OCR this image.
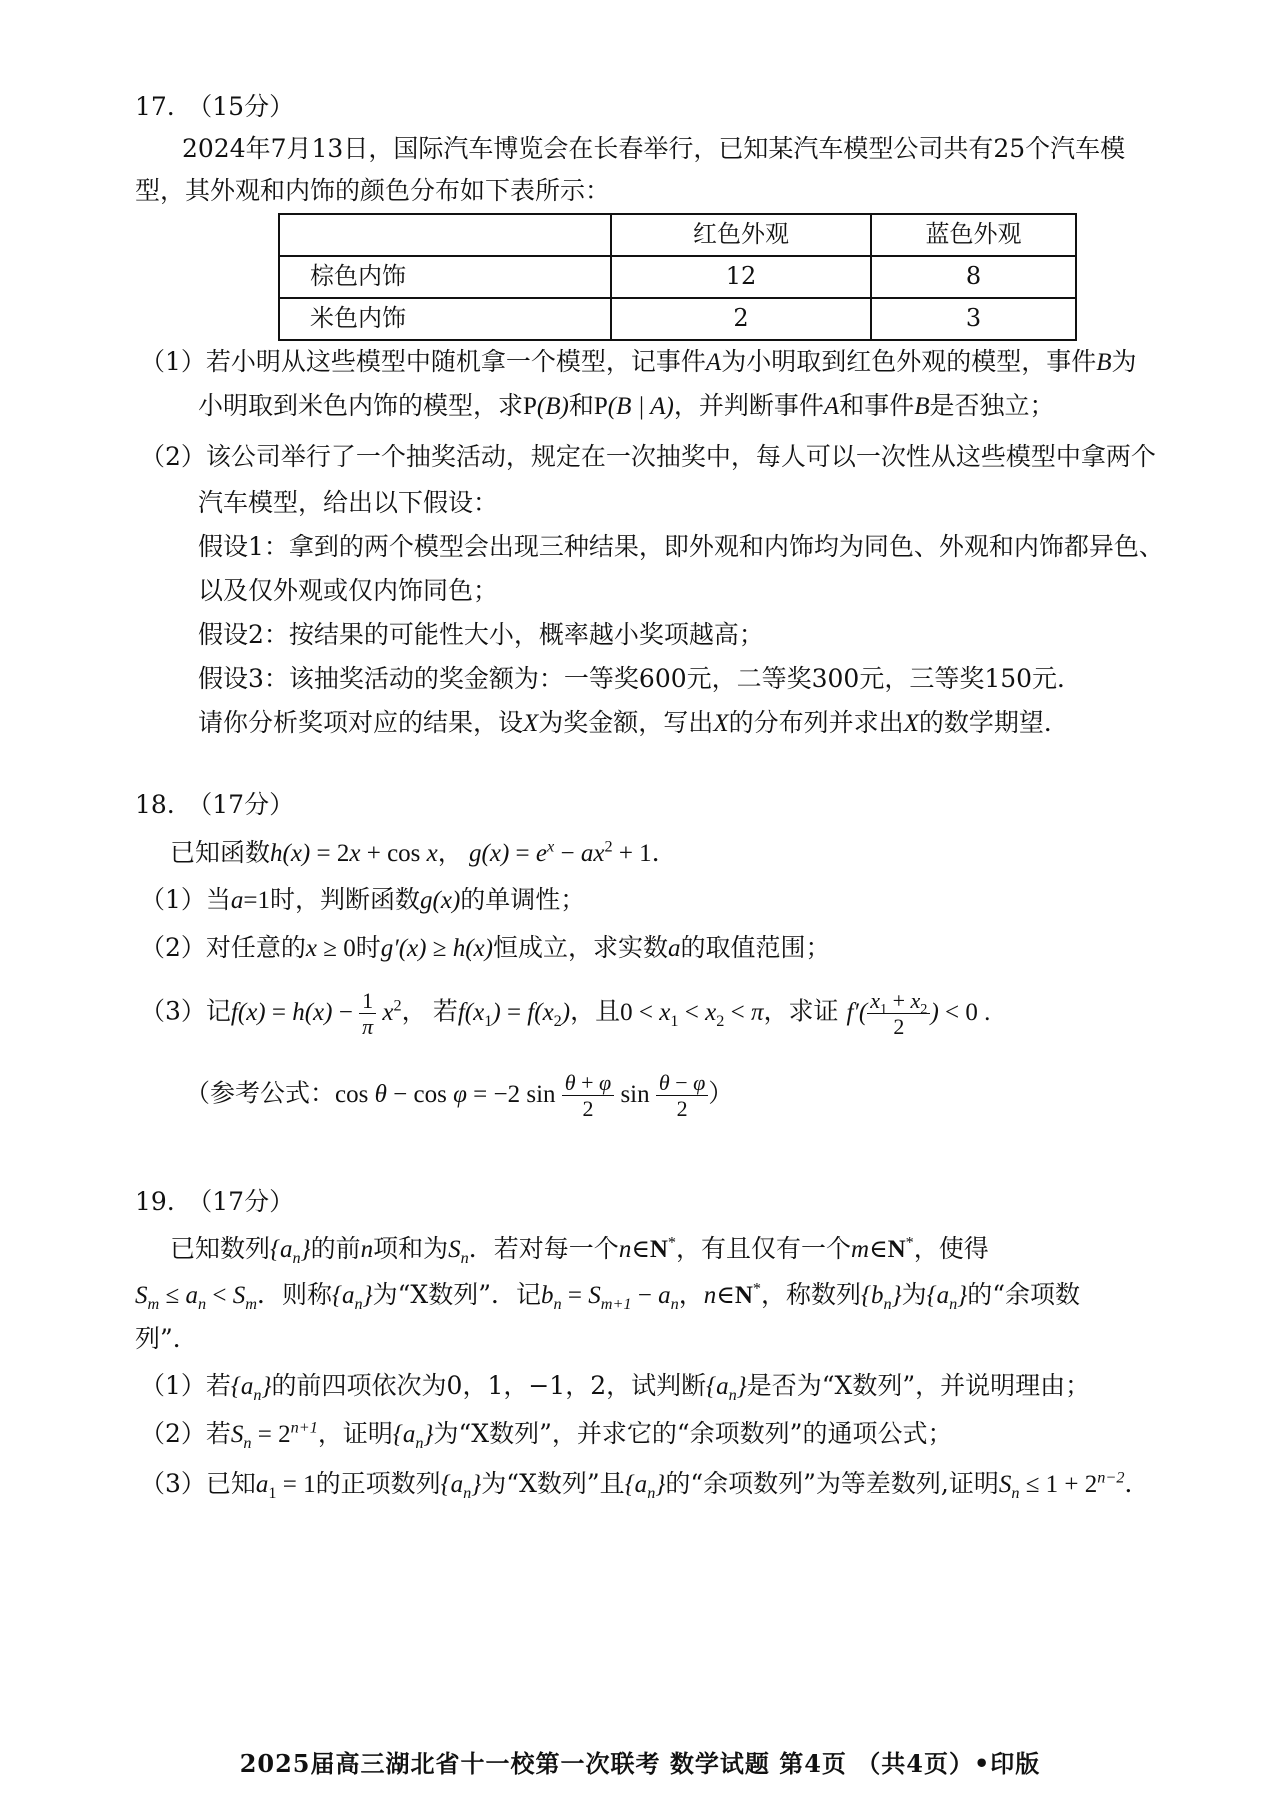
17.　（15分）
2024年7月13日，国际汽车博览会在长春举行，已知某汽车模型公司共有25个汽车模
型，其外观和内饰的颜色分布如下表所示：
	红色外观	蓝色外观
棕色内饰	12	8
米色内饰	2	3
（1）若小明从这些模型中随机拿一个模型，记事件A为小明取到红色外观的模型，事件B为
小明取到米色内饰的模型，求P(B)和P(B | A)，并判断事件A和事件B是否独立；
（2）该公司举行了一个抽奖活动，规定在一次抽奖中，每人可以一次性从这些模型中拿两个
汽车模型，给出以下假设：
假设1：拿到的两个模型会出现三种结果，即外观和内饰均为同色、外观和内饰都异色、
以及仅外观或仅内饰同色；
假设2：按结果的可能性大小，概率越小奖项越高；
假设3：该抽奖活动的奖金额为：一等奖600元，二等奖300元，三等奖150元．
请你分析奖项对应的结果，设X为奖金额，写出X的分布列并求出X的数学期望．
18.　（17分）
已知函数h(x) = 2x + cos x， $g(x) = e^x - ax^2 + 1$．
（1）当a=1时，判断函数g(x)的单调性；
（2）对任意的x ≥ 0时g′(x) ≥ h(x)恒成立，求实数a的取值范围；
（3）记$f(x) = h(x) - \frac{1}{\pi} x^2$， 若$f(x_1) = f(x_2)$，且$0 < x_1 < x_2 < \pi$，求证 $f'( \frac{x_1 + x_2}{2}$ ) < 0 .
（参考公式：cos θ − cos φ = −2 $\sin \frac{\theta + \varphi}{2}$ $\sin \frac{\theta - \varphi}{2}$ ）
19.　（17分）
已知数列$\{a_n\}$的前n项和为$S_n$．若对每一个n∈N*，有且仅有一个m∈N*，使得
$S_m \le a_n < S_m$．则称$\{a_n\}$为“X数列”．记$b_n = S_{m+1} - a_n$，n∈N*，称数列$\{b_n\}$为$\{a_n\}$的“余项数
列”．
（1）若$\{a_n\}$的前四项依次为0，1，−1，2，试判断$\{a_n\}$是否为“X数列”，并说明理由；
（2）若$S_n = 2^{n+1}$，证明$\{a_n\}$为“X数列”，并求它的“余项数列”的通项公式；
（3）已知$a_1 = 1$的正项数列$\{a_n\}$为“X数列”且$\{a_n\}$的“余项数列”为等差数列,证明$S_n \le 1 + 2^{n-2}$．
2025届高三湖北省十一校第一次联考 数学试题 第4页 （共4页）•印版
